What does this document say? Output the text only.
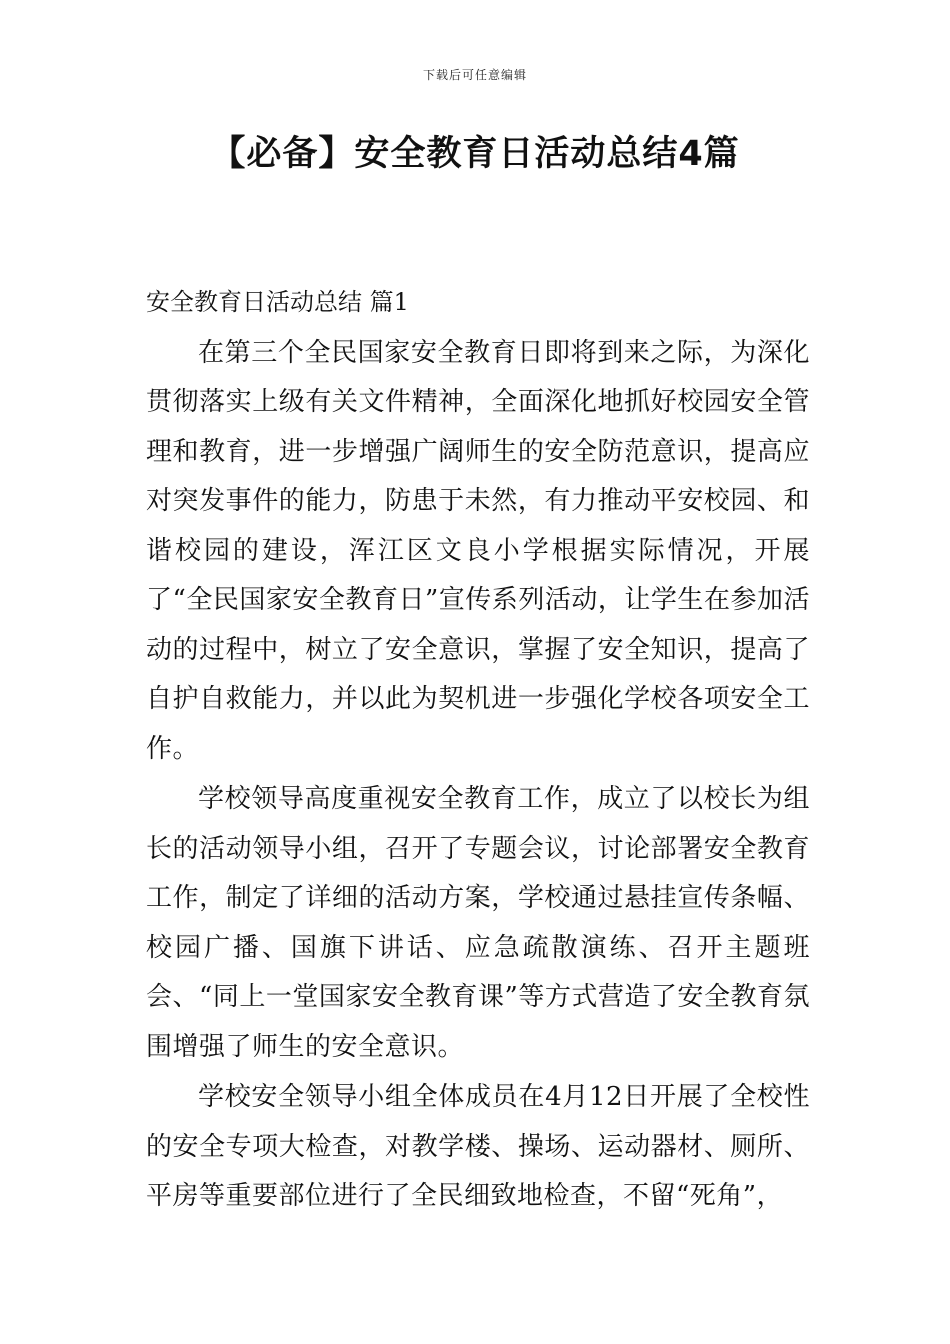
下载后可任意编辑
【必备】安全教育日活动总结4篇

安全教育日活动总结 篇1

在第三个全民国家安全教育日即将到来之际，为深化贯彻落实上级有关文件精神，全面深化地抓好校园安全管理和教育，进一步增强广阔师生的安全防范意识，提高应对突发事件的能力，防患于未然，有力推动平安校园、和谐校园的建设，浑江区文良小学根据实际情况，开展了“全民国家安全教育日”宣传系列活动，让学生在参加活动的过程中，树立了安全意识，掌握了安全知识，提高了自护自救能力，并以此为契机进一步强化学校各项安全工作。

学校领导高度重视安全教育工作，成立了以校长为组长的活动领导小组，召开了专题会议，讨论部署安全教育工作，制定了详细的活动方案，学校通过悬挂宣传条幅、校园广播、国旗下讲话、应急疏散演练、召开主题班会、“同上一堂国家安全教育课”等方式营造了安全教育氛围增强了师生的安全意识。

学校安全领导小组全体成员在4月12日开展了全校性的安全专项大检查，对教学楼、操场、运动器材、厕所、平房等重要部位进行了全民细致地检查，不留“死角”，
